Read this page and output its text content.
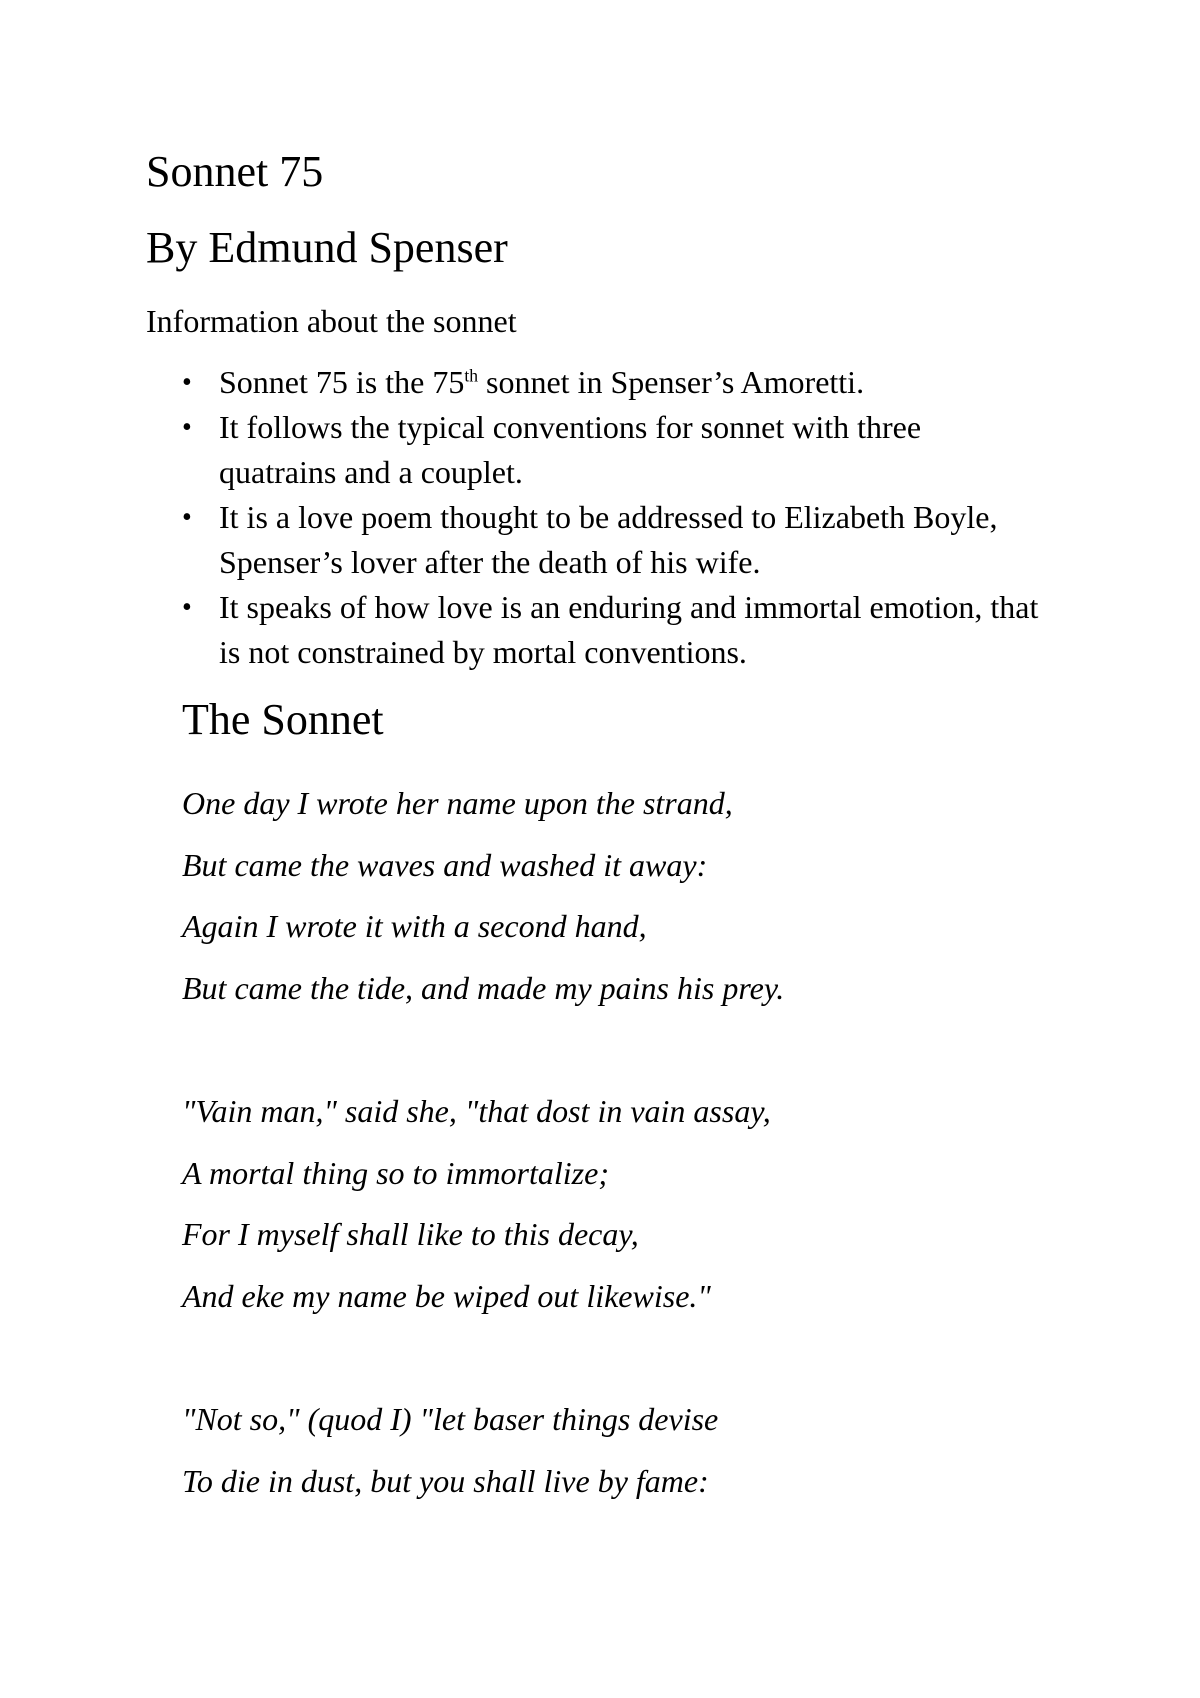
Sonnet 75
By Edmund Spenser

Information about the sonnet

• Sonnet 75 is the 75th sonnet in Spenser’s Amoretti.
• It follows the typical conventions for sonnet with three quatrains and a couplet.
• It is a love poem thought to be addressed to Elizabeth Boyle, Spenser’s lover after the death of his wife.
• It speaks of how love is an enduring and immortal emotion, that is not constrained by mortal conventions.
The Sonnet
One day I wrote her name upon the strand,
But came the waves and washed it away:
Again I wrote it with a second hand,
But came the tide, and made my pains his prey.
"Vain man," said she, "that dost in vain assay,
A mortal thing so to immortalize;
For I myself shall like to this decay,
And eke my name be wiped out likewise."
"Not so," (quod I) "let baser things devise
To die in dust, but you shall live by fame:
